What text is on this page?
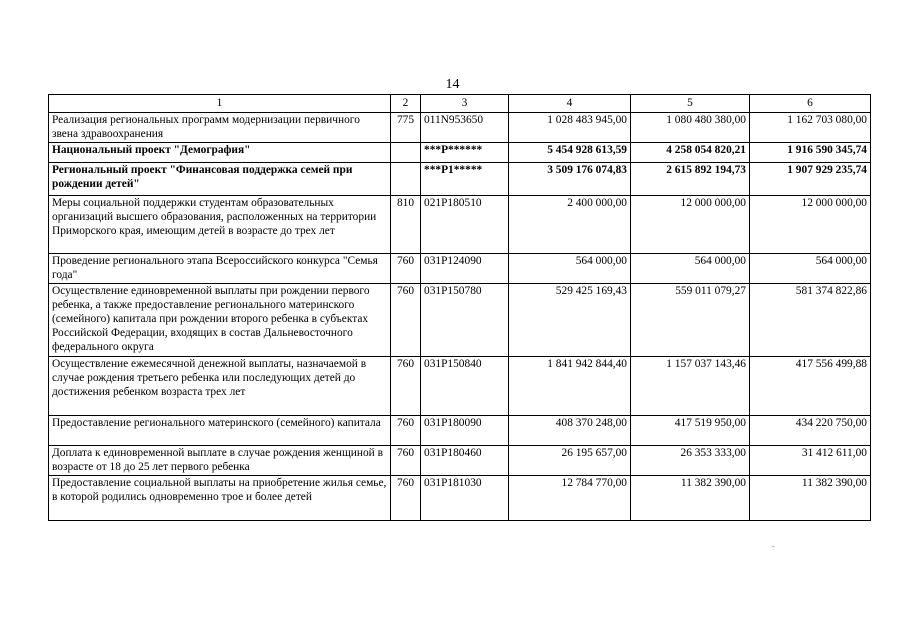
14
1	2	3	4	5	6
Реализация региональных программ модернизации первичного звена здравоохранения	775	011N953650	1 028 483 945,00	1 080 480 380,00	1 162 703 080,00
Национальный проект "Демография"		***P******	5 454 928 613,59	4 258 054 820,21	1 916 590 345,74
Региональный проект "Финансовая поддержка семей при рождении детей"		***P1*****	3 509 176 074,83	2 615 892 194,73	1 907 929 235,74
Меры социальной поддержки студентам образовательных организаций высшего образования, расположенных на территории Приморского края, имеющим детей в возрасте до трех лет	810	021P180510	2 400 000,00	12 000 000,00	12 000 000,00
Проведение регионального этапа Всероссийского конкурса "Семья года"	760	031P124090	564 000,00	564 000,00	564 000,00
Осуществление единовременной выплаты при рождении первого ребенка, а также предоставление регионального материнского (семейного) капитала при рождении второго ребенка в субъектах Российской Федерации, входящих в состав Дальневосточного федерального округа	760	031P150780	529 425 169,43	559 011 079,27	581 374 822,86
Осуществление ежемесячной денежной выплаты, назначаемой в случае рождения третьего ребенка или последующих детей до достижения ребенком возраста трех лет	760	031P150840	1 841 942 844,40	1 157 037 143,46	417 556 499,88
Предоставление регионального материнского (семейного) капитала	760	031P180090	408 370 248,00	417 519 950,00	434 220 750,00
Доплата к единовременной выплате в случае рождения женщиной в возрасте от 18 до 25 лет первого ребенка	760	031P180460	26 195 657,00	26 353 333,00	31 412 611,00
Предоставление социальной выплаты на приобретение жилья семье, в которой родились одновременно трое и более детей	760	031P181030	12 784 770,00	11 382 390,00	11 382 390,00
-
